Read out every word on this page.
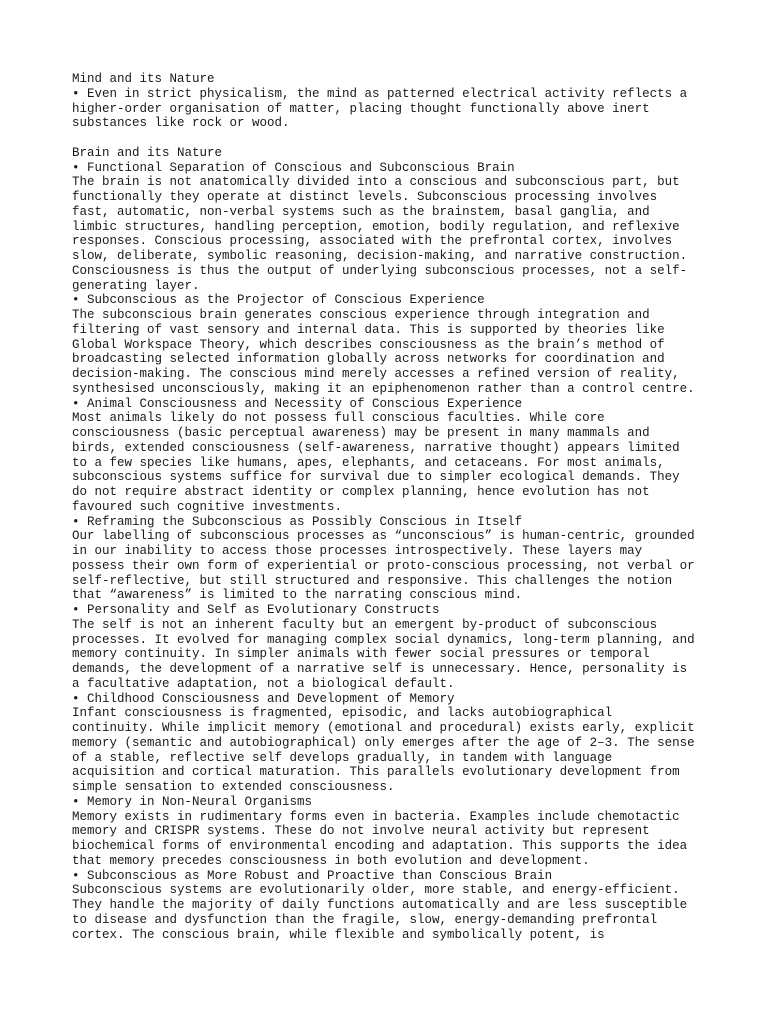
Mind and its Nature
• Even in strict physicalism, the mind as patterned electrical activity reflects a
higher-order organisation of matter, placing thought functionally above inert
substances like rock or wood.
Brain and its Nature
• Functional Separation of Conscious and Subconscious Brain
The brain is not anatomically divided into a conscious and subconscious part, but
functionally they operate at distinct levels. Subconscious processing involves
fast, automatic, non-verbal systems such as the brainstem, basal ganglia, and
limbic structures, handling perception, emotion, bodily regulation, and reflexive
responses. Conscious processing, associated with the prefrontal cortex, involves
slow, deliberate, symbolic reasoning, decision-making, and narrative construction.
Consciousness is thus the output of underlying subconscious processes, not a self-
generating layer.
• Subconscious as the Projector of Conscious Experience
The subconscious brain generates conscious experience through integration and
filtering of vast sensory and internal data. This is supported by theories like
Global Workspace Theory, which describes consciousness as the brain’s method of
broadcasting selected information globally across networks for coordination and
decision-making. The conscious mind merely accesses a refined version of reality,
synthesised unconsciously, making it an epiphenomenon rather than a control centre.
• Animal Consciousness and Necessity of Conscious Experience
Most animals likely do not possess full conscious faculties. While core
consciousness (basic perceptual awareness) may be present in many mammals and
birds, extended consciousness (self-awareness, narrative thought) appears limited
to a few species like humans, apes, elephants, and cetaceans. For most animals,
subconscious systems suffice for survival due to simpler ecological demands. They
do not require abstract identity or complex planning, hence evolution has not
favoured such cognitive investments.
• Reframing the Subconscious as Possibly Conscious in Itself
Our labelling of subconscious processes as “unconscious” is human-centric, grounded
in our inability to access those processes introspectively. These layers may
possess their own form of experiential or proto-conscious processing, not verbal or
self-reflective, but still structured and responsive. This challenges the notion
that “awareness” is limited to the narrating conscious mind.
• Personality and Self as Evolutionary Constructs
The self is not an inherent faculty but an emergent by-product of subconscious
processes. It evolved for managing complex social dynamics, long-term planning, and
memory continuity. In simpler animals with fewer social pressures or temporal
demands, the development of a narrative self is unnecessary. Hence, personality is
a facultative adaptation, not a biological default.
• Childhood Consciousness and Development of Memory
Infant consciousness is fragmented, episodic, and lacks autobiographical
continuity. While implicit memory (emotional and procedural) exists early, explicit
memory (semantic and autobiographical) only emerges after the age of 2–3. The sense
of a stable, reflective self develops gradually, in tandem with language
acquisition and cortical maturation. This parallels evolutionary development from
simple sensation to extended consciousness.
• Memory in Non-Neural Organisms
Memory exists in rudimentary forms even in bacteria. Examples include chemotactic
memory and CRISPR systems. These do not involve neural activity but represent
biochemical forms of environmental encoding and adaptation. This supports the idea
that memory precedes consciousness in both evolution and development.
• Subconscious as More Robust and Proactive than Conscious Brain
Subconscious systems are evolutionarily older, more stable, and energy-efficient.
They handle the majority of daily functions automatically and are less susceptible
to disease and dysfunction than the fragile, slow, energy-demanding prefrontal
cortex. The conscious brain, while flexible and symbolically potent, is
